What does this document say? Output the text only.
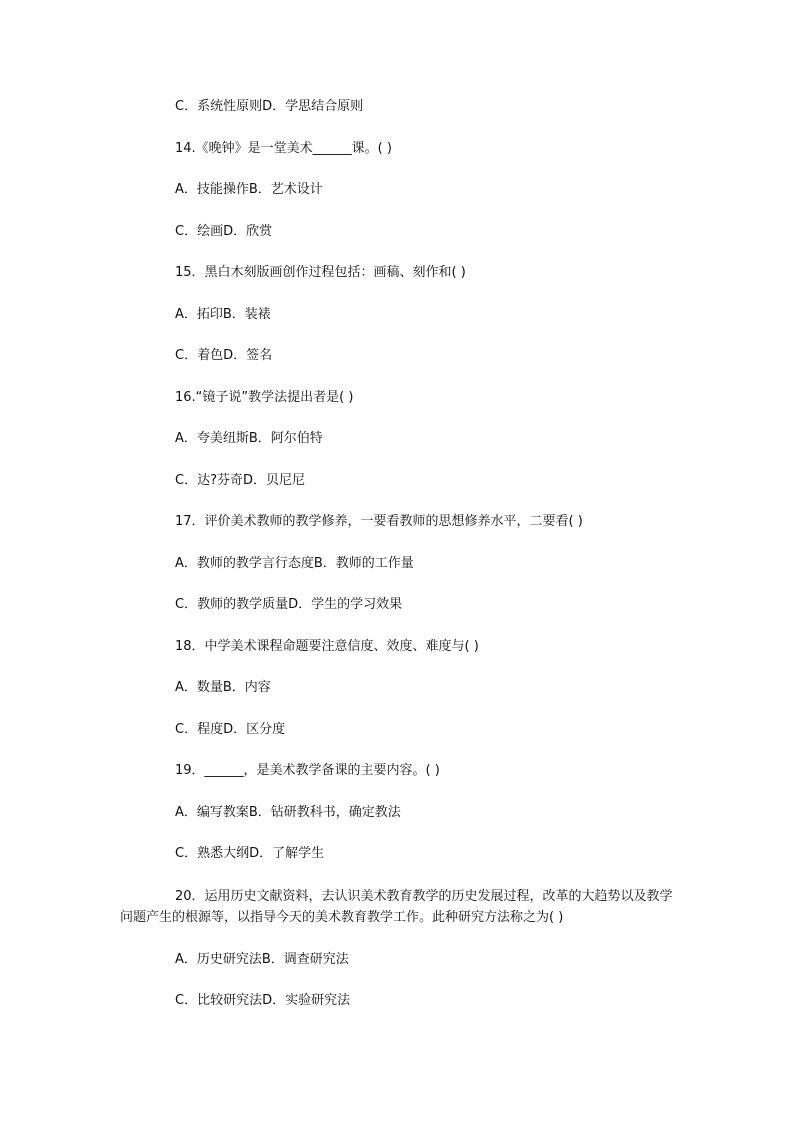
C．系统性原则D．学思结合原则
14.《晚钟》是一堂美术______课。( )
A．技能操作B．艺术设计
C．绘画D．欣赏
15．黑白木刻版画创作过程包括：画稿、刻作和( )
A．拓印B．装裱
C．着色D．签名
16.“镜子说”教学法提出者是( )
A．夸美纽斯B．阿尔伯特
C．达?芬奇D．贝尼尼
17．评价美术教师的教学修养，一要看教师的思想修养水平，二要看( )
A．教师的教学言行态度B．教师的工作量
C．教师的教学质量D．学生的学习效果
18．中学美术课程命题要注意信度、效度、难度与( )
A．数量B．内容
C．程度D．区分度
19．______，是美术教学备课的主要内容。( )
A．编写教案B．钻研教科书，确定教法
C．熟悉大纲D．了解学生
20．运用历史文献资料，去认识美术教育教学的历史发展过程，改革的大趋势以及教学问题产生的根源等，以指导今天的美术教育教学工作。此种研究方法称之为( )
A．历史研究法B．调查研究法
C．比较研究法D．实验研究法
